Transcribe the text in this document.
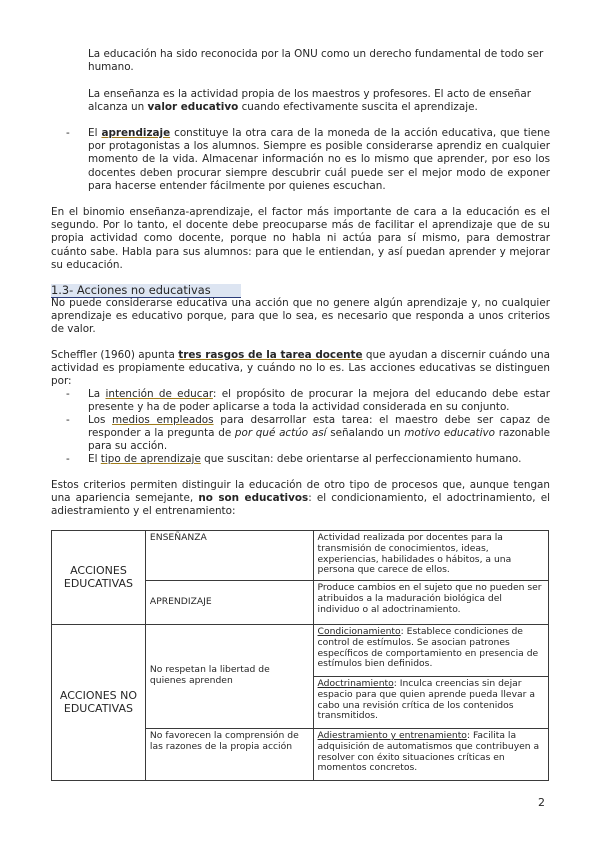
La educación ha sido reconocida por la ONU como un derecho fundamental de todo ser humano.

La enseñanza es la actividad propia de los maestros y profesores. El acto de enseñar alcanza un valor educativo cuando efectivamente suscita el aprendizaje.

- El aprendizaje constituye la otra cara de la moneda de la acción educativa, que tiene por protagonistas a los alumnos. Siempre es posible considerarse aprendiz en cualquier momento de la vida. Almacenar información no es lo mismo que aprender, por eso los docentes deben procurar siempre descubrir cuál puede ser el mejor modo de exponer para hacerse entender fácilmente por quienes escuchan.

En el binomio enseñanza-aprendizaje, el factor más importante de cara a la educación es el segundo. Por lo tanto, el docente debe preocuparse más de facilitar el aprendizaje que de su propia actividad como docente, porque no habla ni actúa para sí mismo, para demostrar cuánto sabe. Habla para sus alumnos: para que le entiendan, y así puedan aprender y mejorar su educación.

1.3- Acciones no educativas

No puede considerarse educativa una acción que no genere algún aprendizaje y, no cualquier aprendizaje es educativo porque, para que lo sea, es necesario que responda a unos criterios de valor.

Scheffler (1960) apunta tres rasgos de la tarea docente que ayudan a discernir cuándo una actividad es propiamente educativa, y cuándo no lo es. Las acciones educativas se distinguen por:

- La intención de educar: el propósito de procurar la mejora del educando debe estar presente y ha de poder aplicarse a toda la actividad considerada en su conjunto.

- Los medios empleados para desarrollar esta tarea: el maestro debe ser capaz de responder a la pregunta de por qué actúo así señalando un motivo educativo razonable para su acción.

- El tipo de aprendizaje que suscitan: debe orientarse al perfeccionamiento humano.

Estos criterios permiten distinguir la educación de otro tipo de procesos que, aunque tengan una apariencia semejante, no son educativos: el condicionamiento, el adoctrinamiento, el adiestramiento y el entrenamiento:

ACCIONES EDUCATIVAS	ENSEÑANZA	Actividad realizada por docentes para la transmisión de conocimientos, ideas, experiencias, habilidades o hábitos, a una persona que carece de ellos.
	APRENDIZAJE	Produce cambios en el sujeto que no pueden ser atribuidos a la maduración biológica del individuo o al adoctrinamiento.
ACCIONES NO EDUCATIVAS	No respetan la libertad de quienes aprenden	Condicionamiento: Establece condiciones de control de estímulos. Se asocian patrones específicos de comportamiento en presencia de estímulos bien definidos.
		Adoctrinamiento: Inculca creencias sin dejar espacio para que quien aprende pueda llevar a cabo una revisión crítica de los contenidos transmitidos.
	No favorecen la comprensión de las razones de la propia acción	Adiestramiento y entrenamiento: Facilita la adquisición de automatismos que contribuyen a resolver con éxito situaciones críticas en momentos concretos.
2
